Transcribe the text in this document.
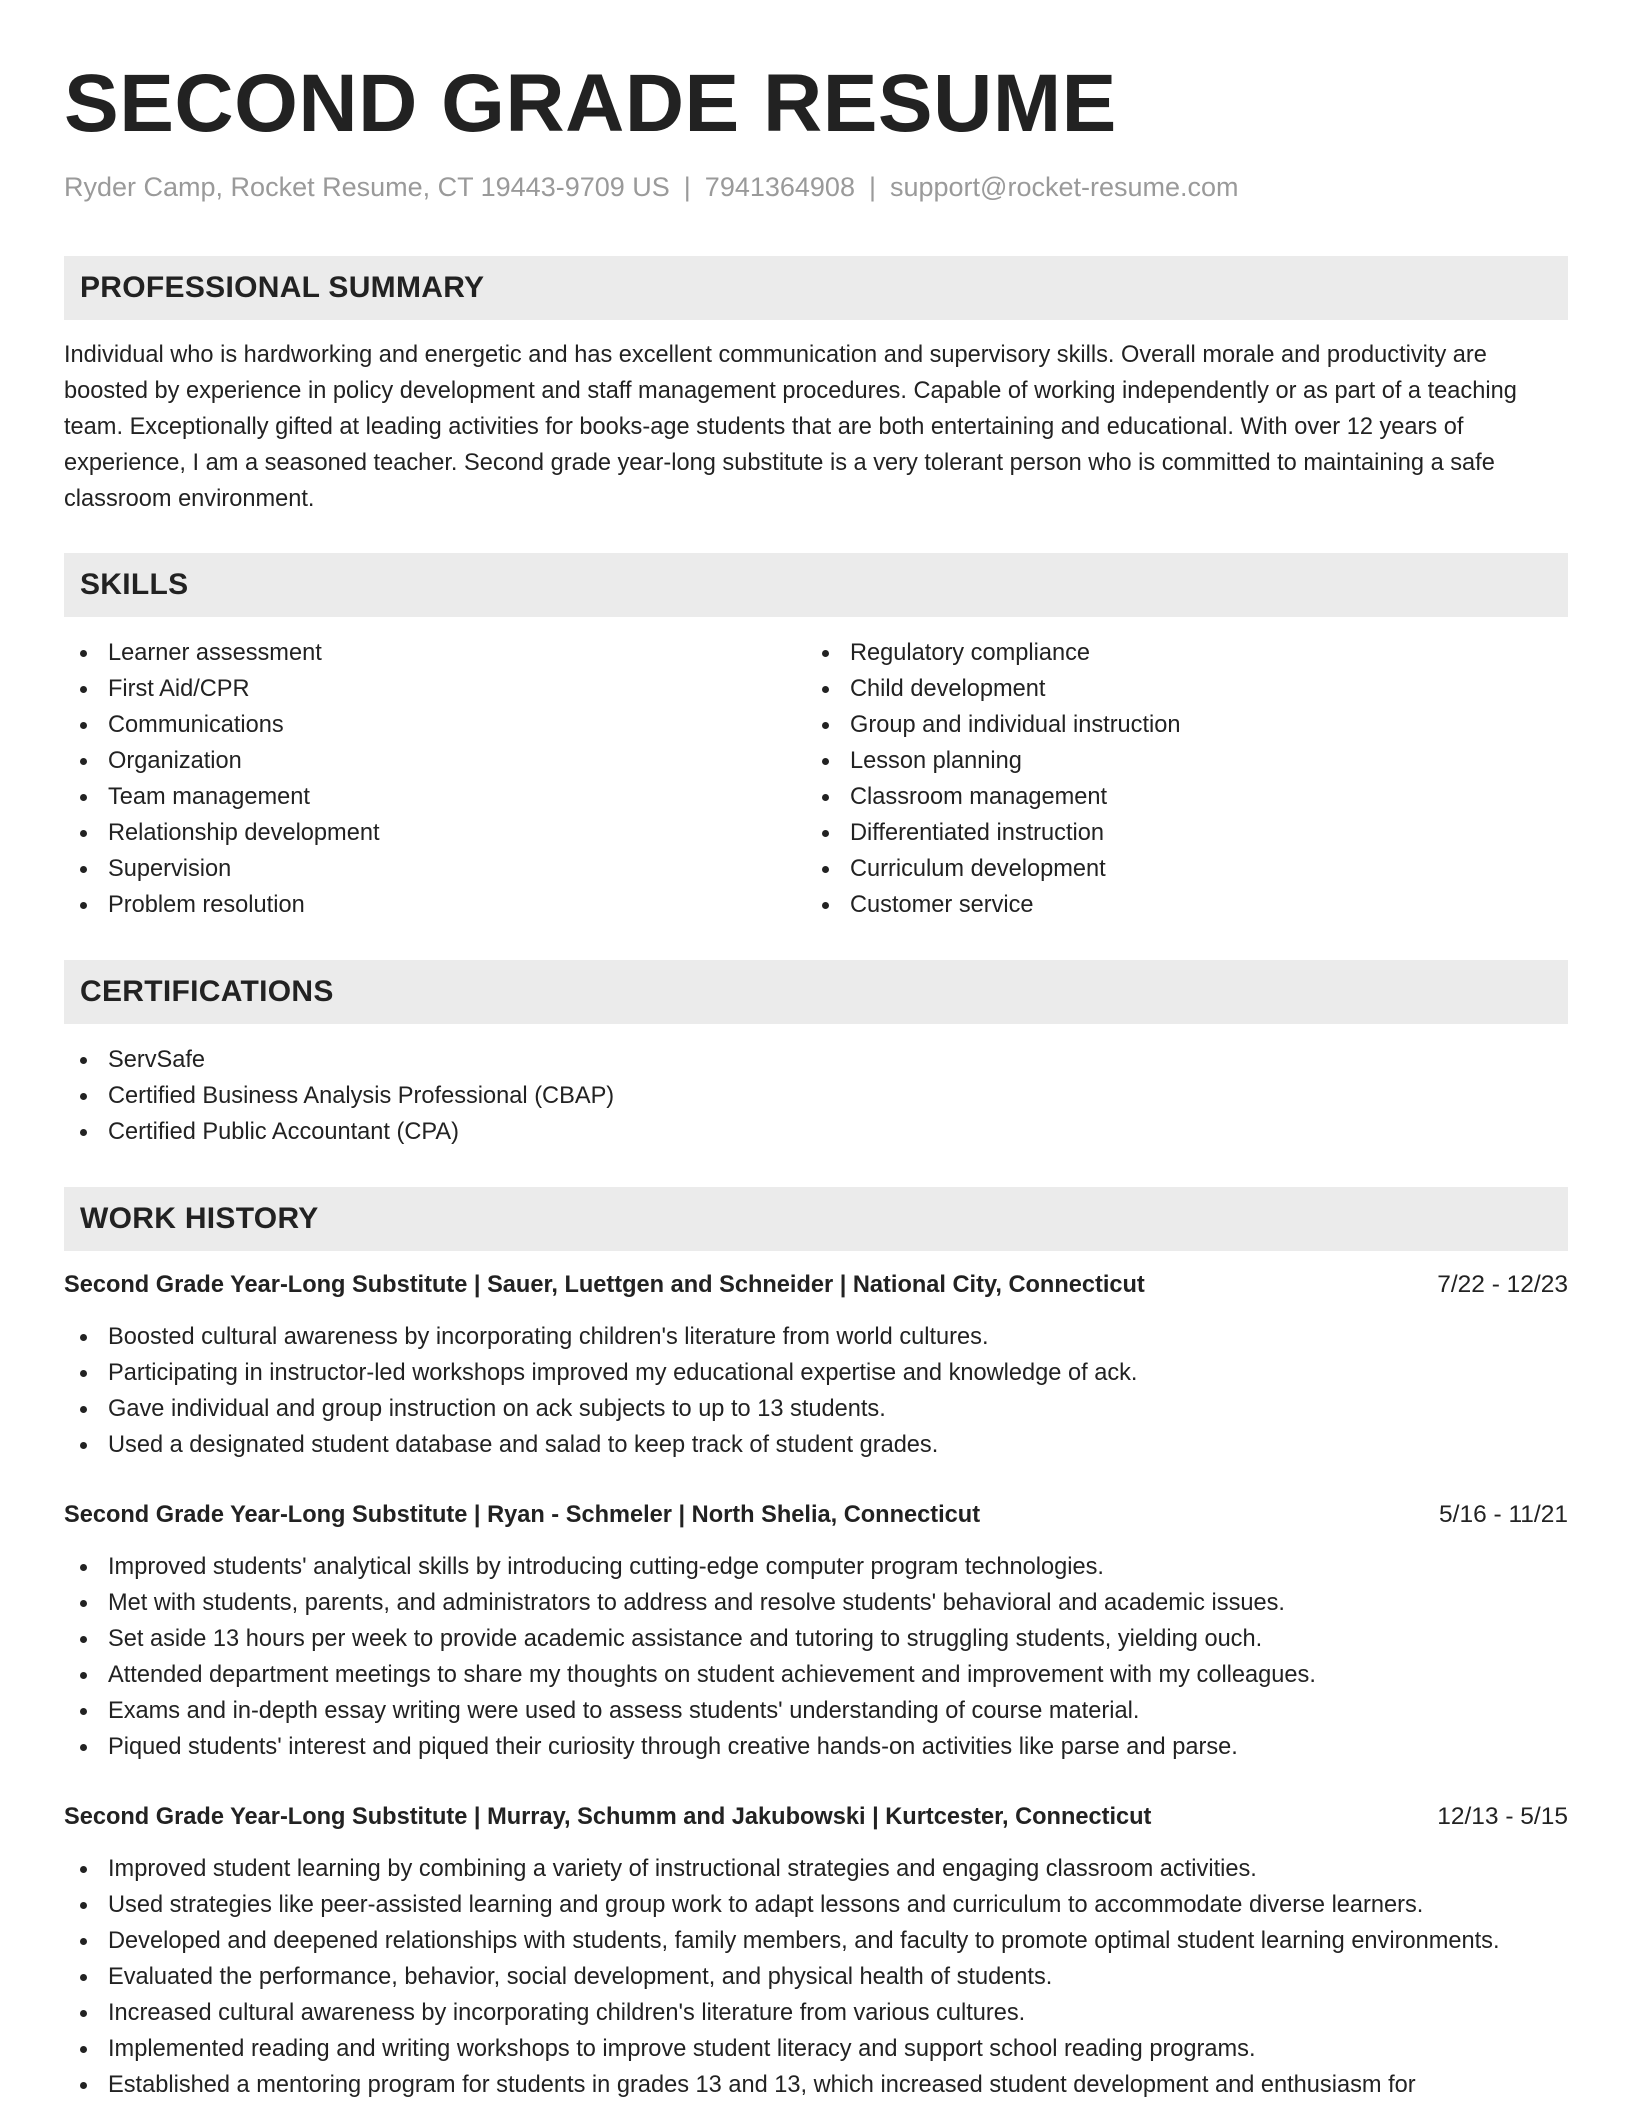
SECOND GRADE RESUME
Ryder Camp, Rocket Resume, CT 19443-9709 US | 7941364908 | support@rocket-resume.com
PROFESSIONAL SUMMARY

Individual who is hardworking and energetic and has excellent communication and supervisory skills. Overall morale and productivity are boosted by experience in policy development and staff management procedures. Capable of working independently or as part of a teaching team. Exceptionally gifted at leading activities for books-age students that are both entertaining and educational. With over 12 years of experience, I am a seasoned teacher. Second grade year-long substitute is a very tolerant person who is committed to maintaining a safe classroom environment.

SKILLS
Learner assessment
First Aid/CPR
Communications
Organization
Team management
Relationship development
Supervision
Problem resolution
Regulatory compliance
Child development
Group and individual instruction
Lesson planning
Classroom management
Differentiated instruction
Curriculum development
Customer service
CERTIFICATIONS
ServSafe
Certified Business Analysis Professional (CBAP)
Certified Public Accountant (CPA)
WORK HISTORY
Second Grade Year-Long Substitute | Sauer, Luettgen and Schneider | National City, Connecticut	7/22 - 12/23
Boosted cultural awareness by incorporating children's literature from world cultures.
Participating in instructor-led workshops improved my educational expertise and knowledge of ack.
Gave individual and group instruction on ack subjects to up to 13 students.
Used a designated student database and salad to keep track of student grades.
Second Grade Year-Long Substitute | Ryan - Schmeler | North Shelia, Connecticut	5/16 - 11/21
Improved students' analytical skills by introducing cutting-edge computer program technologies.
Met with students, parents, and administrators to address and resolve students' behavioral and academic issues.
Set aside 13 hours per week to provide academic assistance and tutoring to struggling students, yielding ouch.
Attended department meetings to share my thoughts on student achievement and improvement with my colleagues.
Exams and in-depth essay writing were used to assess students' understanding of course material.
Piqued students' interest and piqued their curiosity through creative hands-on activities like parse and parse.
Second Grade Year-Long Substitute | Murray, Schumm and Jakubowski | Kurtcester, Connecticut	12/13 - 5/15
Improved student learning by combining a variety of instructional strategies and engaging classroom activities.
Used strategies like peer-assisted learning and group work to adapt lessons and curriculum to accommodate diverse learners.
Developed and deepened relationships with students, family members, and faculty to promote optimal student learning environments.
Evaluated the performance, behavior, social development, and physical health of students.
Increased cultural awareness by incorporating children's literature from various cultures.
Implemented reading and writing workshops to improve student literacy and support school reading programs.
Established a mentoring program for students in grades 13 and 13, which increased student development and enthusiasm for
